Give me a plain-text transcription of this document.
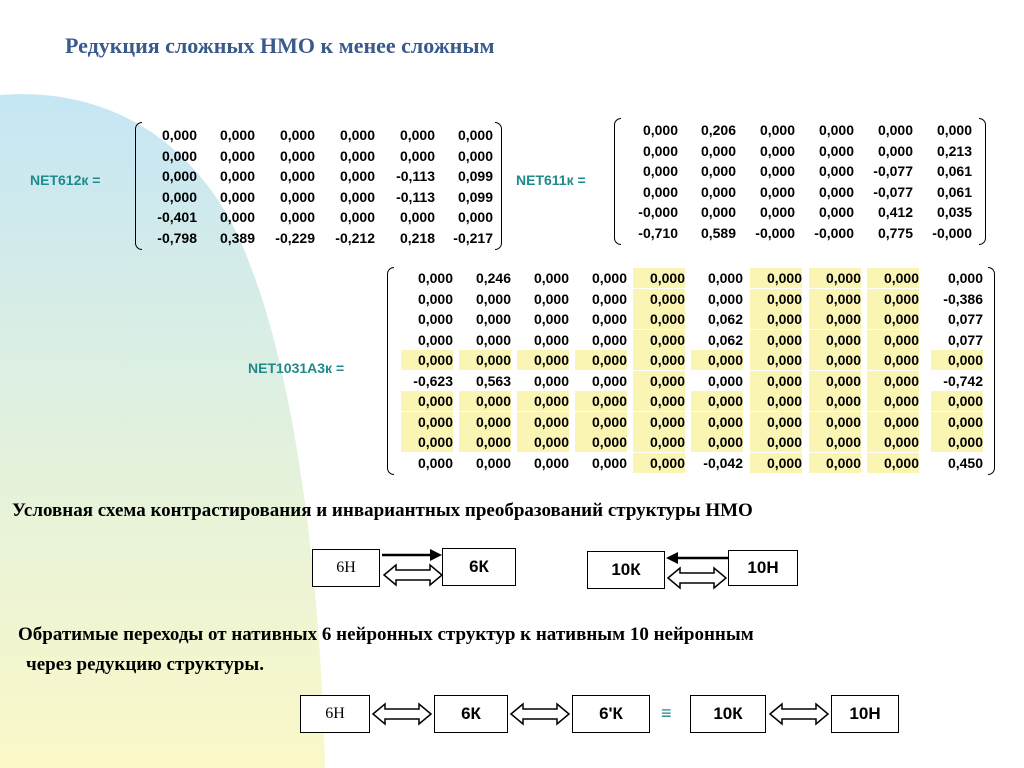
Редукция сложных НМО к менее сложным
NET612к =
0,000	0,000	0,000	0,000	0,000	0,000
0,000	0,000	0,000	0,000	0,000	0,000
0,000	0,000	0,000	0,000	-0,113	0,099
0,000	0,000	0,000	0,000	-0,113	0,099
-0,401	0,000	0,000	0,000	0,000	0,000
-0,798	0,389	-0,229	-0,212	0,218	-0,217
NET611к =
0,000	0,206	0,000	0,000	0,000	0,000
0,000	0,000	0,000	0,000	0,000	0,213
0,000	0,000	0,000	0,000	-0,077	0,061
0,000	0,000	0,000	0,000	-0,077	0,061
-0,000	0,000	0,000	0,000	0,412	0,035
-0,710	0,589	-0,000	-0,000	0,775	-0,000
NET1031А3к =
0,000	0,246	0,000	0,000	0,000	0,000	0,000	0,000	0,000	0,000
0,000	0,000	0,000	0,000	0,000	0,000	0,000	0,000	0,000	-0,386
0,000	0,000	0,000	0,000	0,000	0,062	0,000	0,000	0,000	0,077
0,000	0,000	0,000	0,000	0,000	0,062	0,000	0,000	0,000	0,077
0,000	0,000	0,000	0,000	0,000	0,000	0,000	0,000	0,000	0,000
-0,623	0,563	0,000	0,000	0,000	0,000	0,000	0,000	0,000	-0,742
0,000	0,000	0,000	0,000	0,000	0,000	0,000	0,000	0,000	0,000
0,000	0,000	0,000	0,000	0,000	0,000	0,000	0,000	0,000	0,000
0,000	0,000	0,000	0,000	0,000	0,000	0,000	0,000	0,000	0,000
0,000	0,000	0,000	0,000	0,000	-0,042	0,000	0,000	0,000	0,450
Условная схема контрастирования и инвариантных преобразований структуры НМО
6Н	6К	10К	10Н
Обратимые переходы от нативных 6 нейронных структур к нативным 10 нейронным
через редукцию структуры.
6Н	6К	6'К ≡ 10К	10Н
